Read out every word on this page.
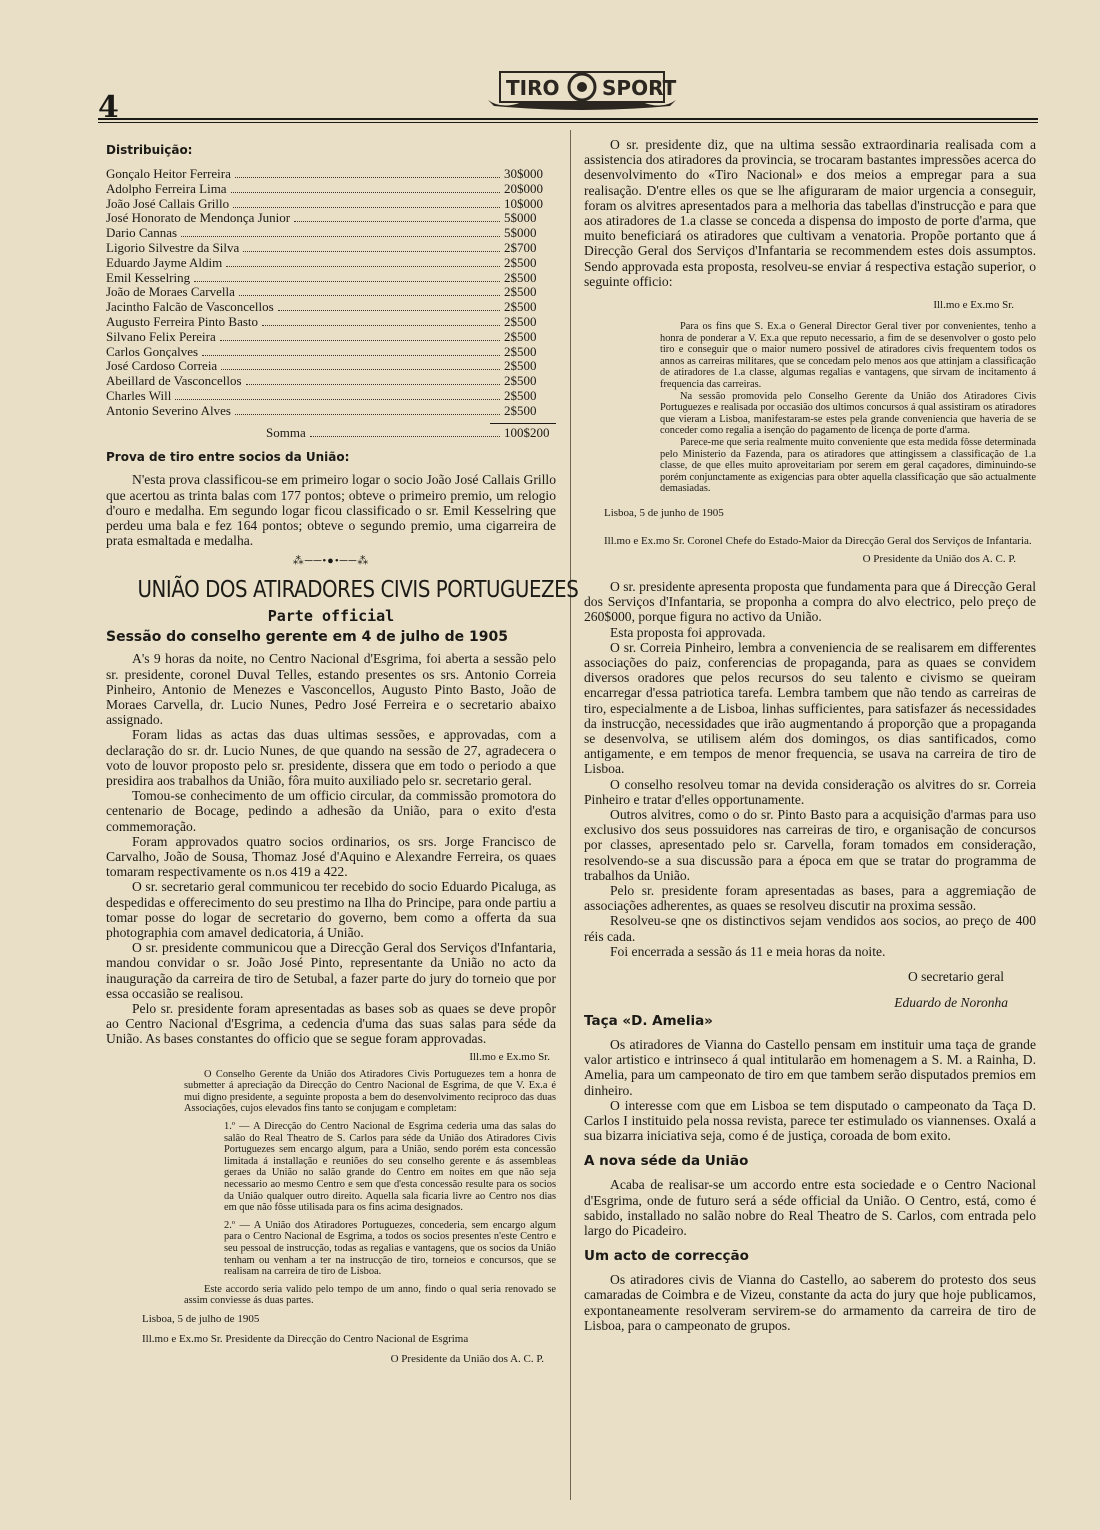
4
TIRO SPORT
Distribuição:
Gonçalo Heitor Ferreira	30$000
Adolpho Ferreira Lima	20$000
João José Callais Grillo	10$000
José Honorato de Mendonça Junior	5$000
Dario Cannas	5$000
Ligorio Silvestre da Silva	2$700
Eduardo Jayme Aldim	2$500
Emil Kesselring	2$500
João de Moraes Carvella	2$500
Jacintho Falcão de Vasconcellos	2$500
Augusto Ferreira Pinto Basto	2$500
Silvano Felix Pereira	2$500
Carlos Gonçalves	2$500
José Cardoso Correia	2$500
Abeillard de Vasconcellos	2$500
Charles Will	2$500
Antonio Severino Alves	2$500
Somma	100$200
Prova de tiro entre socios da União:

N'esta prova classificou-se em primeiro logar o socio João José Callais Grillo que acertou as trinta balas com 177 pontos; obteve o primeiro premio, um relogio d'ouro e medalha. Em segundo logar ficou classificado o sr. Emil Kesselring que perdeu uma bala e fez 164 pontos; obteve o segundo premio, uma cigarreira de prata esmaltada e medalha.

⁂──•●•──⁂
UNIÃO DOS ATIRADORES CIVIS PORTUGUEZES
Parte official
Sessão do conselho gerente em 4 de julho de 1905

A's 9 horas da noite, no Centro Nacional d'Esgrima, foi aberta a sessão pelo sr. presidente, coronel Duval Telles, estando presentes os srs. Antonio Correia Pinheiro, Antonio de Menezes e Vasconcellos, Augusto Pinto Basto, João de Moraes Carvella, dr. Lucio Nunes, Pedro José Ferreira e o secretario abaixo assignado.

Foram lidas as actas das duas ultimas sessões, e approvadas, com a declaração do sr. dr. Lucio Nunes, de que quando na sessão de 27, agradecera o voto de louvor proposto pelo sr. presidente, dissera que em todo o periodo a que presidira aos trabalhos da União, fôra muito auxiliado pelo sr. secretario geral.

Tomou-se conhecimento de um officio circular, da commissão promotora do centenario de Bocage, pedindo a adhesão da União, para o exito d'esta commemoração.

Foram approvados quatro socios ordinarios, os srs. Jorge Francisco de Carvalho, João de Sousa, Thomaz José d'Aquino e Alexandre Ferreira, os quaes tomaram respectivamente os n.os 419 a 422.

O sr. secretario geral communicou ter recebido do socio Eduardo Picaluga, as despedidas e offerecimento do seu prestimo na Ilha do Principe, para onde partiu a tomar posse do logar de secretario do governo, bem como a offerta da sua photographia com amavel dedicatoria, á União.

O sr. presidente communicou que a Direcção Geral dos Serviços d'Infantaria, mandou convidar o sr. João José Pinto, representante da União no acto da inauguração da carreira de tiro de Setubal, a fazer parte do jury do torneio que por essa occasião se realisou.

Pelo sr. presidente foram apresentadas as bases sob as quaes se deve propôr ao Centro Nacional d'Esgrima, a cedencia d'uma das suas salas para séde da União. As bases constantes do officio que se segue foram approvadas.

Ill.mo e Ex.mo Sr.

O Conselho Gerente da União dos Atiradores Civis Portuguezes tem a honra de submetter á apreciação da Direcção do Centro Nacional de Esgrima, de que V. Ex.a é mui digno presidente, a seguinte proposta a bem do desenvolvimento reciproco das duas Associações, cujos elevados fins tanto se conjugam e completam:

1.º — A Direcção do Centro Nacional de Esgrima cederia uma das salas do salão do Real Theatro de S. Carlos para séde da União dos Atiradores Civis Portuguezes sem encargo algum, para a União, sendo porém esta concessão limitada á installação e reuniões do seu conselho gerente e ás assembleas geraes da União no salão grande do Centro em noites em que não seja necessario ao mesmo Centro e sem que d'esta concessão resulte para os socios da União qualquer outro direito. Aquella sala ficaria livre ao Centro nos dias em que não fôsse utilisada para os fins acima designados.

2.º — A União dos Atiradores Portuguezes, concederia, sem encargo algum para o Centro Nacional de Esgrima, a todos os socios presentes n'este Centro e seu pessoal de instrucção, todas as regalias e vantagens, que os socios da União tenham ou venham a ter na instrucção de tiro, torneios e concursos, que se realisam na carreira de tiro de Lisboa.

Este accordo seria valido pelo tempo de um anno, findo o qual seria renovado se assim conviesse ás duas partes.

Lisboa, 5 de julho de 1905
Ill.mo e Ex.mo Sr. Presidente da Direcção do Centro Nacional de Esgrima
O Presidente da União dos A. C. P.

O sr. presidente diz, que na ultima sessão extraordinaria realisada com a assistencia dos atiradores da provincia, se trocaram bastantes impressões acerca do desenvolvimento do «Tiro Nacional» e dos meios a empregar para a sua realisação. D'entre elles os que se lhe afiguraram de maior urgencia a conseguir, foram os alvitres apresentados para a melhoria das tabellas d'instrucção e para que aos atiradores de 1.a classe se conceda a dispensa do imposto de porte d'arma, que muito beneficiará os atiradores que cultivam a venatoria. Propõe portanto que á Direcção Geral dos Serviços d'Infantaria se recommendem estes dois assumptos. Sendo approvada esta proposta, resolveu-se enviar á respectiva estação superior, o seguinte officio:

Ill.mo e Ex.mo Sr.

Para os fins que S. Ex.a o General Director Geral tiver por convenientes, tenho a honra de ponderar a V. Ex.a que reputo necessario, a fim de se desenvolver o gosto pelo tiro e conseguir que o maior numero possivel de atiradores civis frequentem todos os annos as carreiras militares, que se concedam pelo menos aos que attinjam a classificação de atiradores de 1.a classe, algumas regalias e vantagens, que sirvam de incitamento á frequencia das carreiras.

Na sessão promovida pelo Conselho Gerente da União dos Atiradores Civis Portuguezes e realisada por occasião dos ultimos concursos á qual assistiram os atiradores que vieram a Lisboa, manifestaram-se estes pela grande conveniencia que haveria de se conceder como regalia a isenção do pagamento de licença de porte d'arma.

Parece-me que seria realmente muito conveniente que esta medida fôsse determinada pelo Ministerio da Fazenda, para os atiradores que attingissem a classificação de 1.a classe, de que elles muito aproveitariam por serem em geral caçadores, diminuindo-se porém conjunctamente as exigencias para obter aquella classificação que são actualmente demasiadas.

Lisboa, 5 de junho de 1905
Ill.mo e Ex.mo Sr. Coronel Chefe do Estado-Maior da Direcção Geral dos Serviços de Infantaria.
O Presidente da União dos A. C. P.

O sr. presidente apresenta proposta que fundamenta para que á Direcção Geral dos Serviços d'Infantaria, se proponha a compra do alvo electrico, pelo preço de 260$000, porque figura no activo da União.

Esta proposta foi approvada.

O sr. Correia Pinheiro, lembra a conveniencia de se realisarem em differentes associações do paiz, conferencias de propaganda, para as quaes se convidem diversos oradores que pelos recursos do seu talento e civismo se queiram encarregar d'essa patriotica tarefa. Lembra tambem que não tendo as carreiras de tiro, especialmente a de Lisboa, linhas sufficientes, para satisfazer ás necessidades da instrucção, necessidades que irão augmentando á proporção que a propaganda se desenvolva, se utilisem além dos domingos, os dias santificados, como antigamente, e em tempos de menor frequencia, se usava na carreira de tiro de Lisboa.

O conselho resolveu tomar na devida consideração os alvitres do sr. Correia Pinheiro e tratar d'elles opportunamente.

Outros alvitres, como o do sr. Pinto Basto para a acquisição d'armas para uso exclusivo dos seus possuidores nas carreiras de tiro, e organisação de concursos por classes, apresentado pelo sr. Carvella, foram tomados em consideração, resolvendo-se a sua discussão para a época em que se tratar do programma de trabalhos da União.

Pelo sr. presidente foram apresentadas as bases, para a aggremiação de associações adherentes, as quaes se resolveu discutir na proxima sessão.

Resolveu-se qne os distinctivos sejam vendidos aos socios, ao preço de 400 réis cada.

Foi encerrada a sessão ás 11 e meia horas da noite.

O secretario geral
Eduardo de Noronha
Taça «D. Amelia»

Os atiradores de Vianna do Castello pensam em instituir uma taça de grande valor artistico e intrinseco á qual intitularão em homenagem a S. M. a Rainha, D. Amelia, para um campeonato de tiro em que tambem serão disputados premios em dinheiro.

O interesse com que em Lisboa se tem disputado o campeonato da Taça D. Carlos I instituido pela nossa revista, parece ter estimulado os viannenses. Oxalá a sua bizarra iniciativa seja, como é de justiça, coroada de bom exito.

A nova séde da União

Acaba de realisar-se um accordo entre esta sociedade e o Centro Nacional d'Esgrima, onde de futuro será a séde official da União. O Centro, está, como é sabido, installado no salão nobre do Real Theatro de S. Carlos, com entrada pelo largo do Picadeiro.

Um acto de correcção

Os atiradores civis de Vianna do Castello, ao saberem do protesto dos seus camaradas de Coimbra e de Vizeu, constante da acta do jury que hoje publicamos, expontaneamente resolveram servirem-se do armamento da carreira de tiro de Lisboa, para o campeonato de grupos.
